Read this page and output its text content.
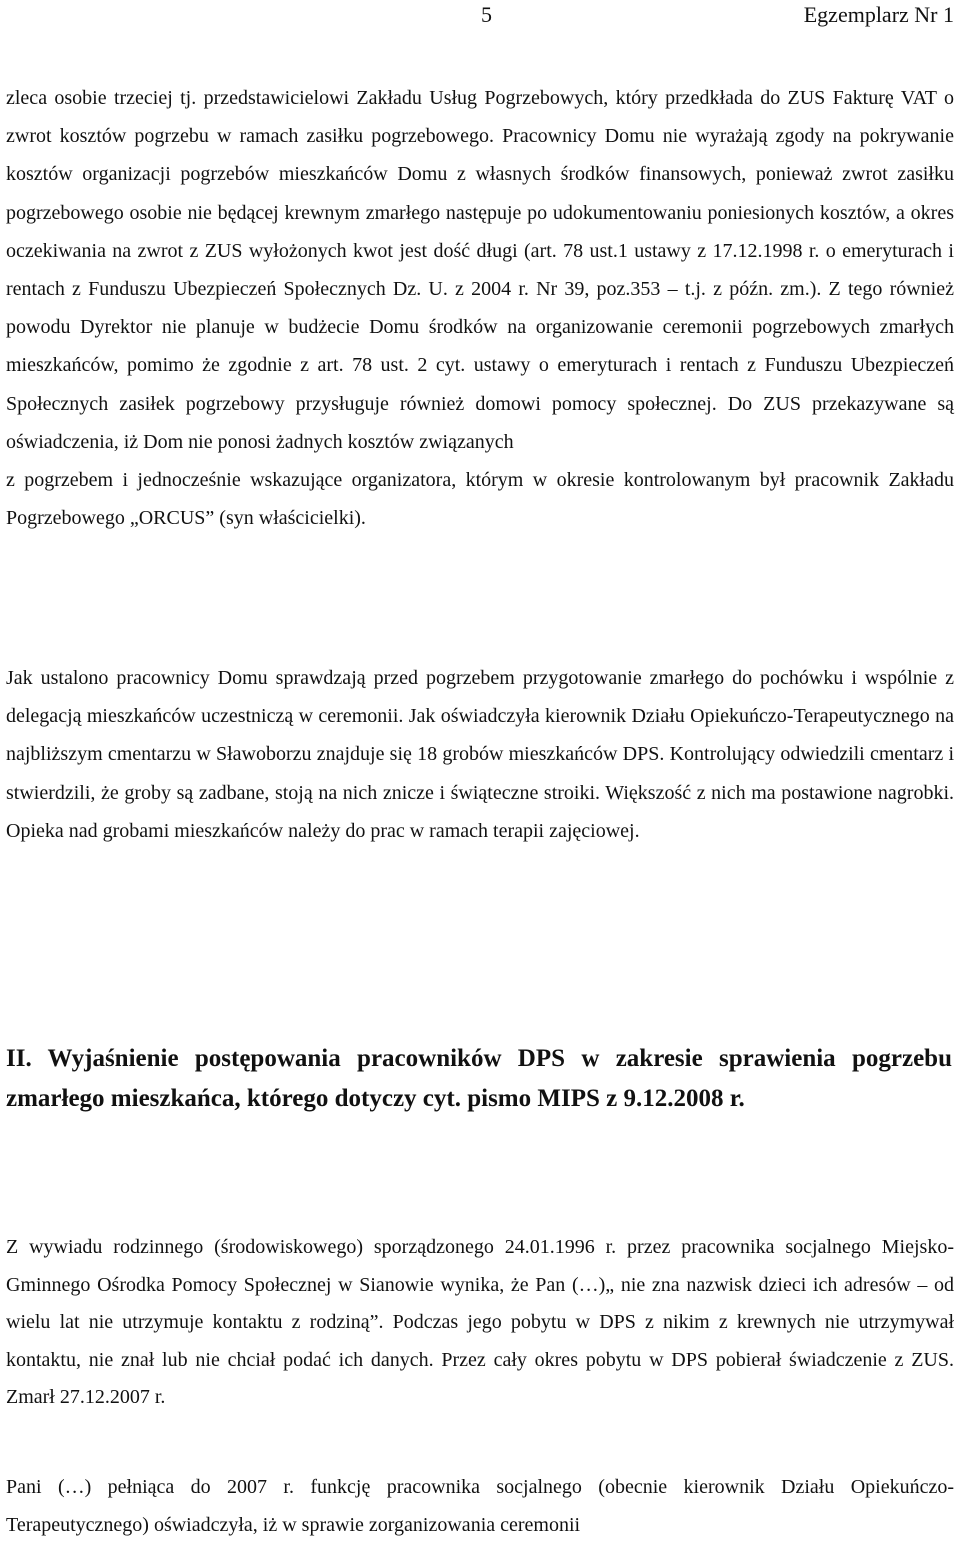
5	Egzemplarz Nr 1

zleca osobie trzeciej tj. przedstawicielowi Zakładu Usług Pogrzebowych, który przedkłada do ZUS Fakturę VAT o zwrot kosztów pogrzebu w ramach zasiłku pogrzebowego. Pracownicy Domu nie wyrażają zgody na pokrywanie kosztów organizacji pogrzebów mieszkańców Domu z własnych środków finansowych, ponieważ zwrot zasiłku pogrzebowego osobie nie będącej krewnym zmarłego następuje po udokumentowaniu poniesionych kosztów, a okres oczekiwania na zwrot z ZUS wyłożonych kwot jest dość długi (art. 78 ust.1 ustawy z 17.12.1998 r. o emeryturach i rentach z Funduszu Ubezpieczeń Społecznych Dz. U. z 2004 r. Nr 39, poz.353 – t.j. z późn. zm.). Z tego również powodu Dyrektor nie planuje w budżecie Domu środków na organizowanie ceremonii pogrzebowych zmarłych mieszkańców, pomimo że zgodnie z art. 78 ust. 2 cyt. ustawy o emeryturach i rentach z Funduszu Ubezpieczeń Społecznych zasiłek pogrzebowy przysługuje również domowi pomocy społecznej. Do ZUS przekazywane są oświadczenia, iż Dom nie ponosi żadnych kosztów związanych

z pogrzebem i jednocześnie wskazujące organizatora, którym w okresie kontrolowanym był pracownik Zakładu Pogrzebowego „ORCUS” (syn właścicielki).

Jak ustalono pracownicy Domu sprawdzają przed pogrzebem przygotowanie zmarłego do pochówku i wspólnie z delegacją mieszkańców uczestniczą w ceremonii. Jak oświadczyła kierownik Działu Opiekuńczo-Terapeutycznego na najbliższym cmentarzu w Sławoborzu znajduje się 18 grobów mieszkańców DPS. Kontrolujący odwiedzili cmentarz i stwierdzili, że groby są zadbane, stoją na nich znicze i świąteczne stroiki. Większość z nich ma postawione nagrobki. Opieka nad grobami mieszkańców należy do prac w ramach terapii zajęciowej.

II. Wyjaśnienie postępowania pracowników DPS w zakresie sprawienia pogrzebu zmarłego mieszkańca, którego dotyczy cyt. pismo MIPS z 9.12.2008 r.

Z wywiadu rodzinnego (środowiskowego) sporządzonego 24.01.1996 r. przez pracownika socjalnego Miejsko-Gminnego Ośrodka Pomocy Społecznej w Sianowie wynika, że Pan (…)„ nie zna nazwisk dzieci ich adresów – od wielu lat nie utrzymuje kontaktu z rodziną”. Podczas jego pobytu w DPS z nikim z krewnych nie utrzymywał kontaktu, nie znał lub nie chciał podać ich danych. Przez cały okres pobytu w DPS pobierał świadczenie z ZUS. Zmarł 27.12.2007 r.

Pani (…) pełniąca do 2007 r. funkcję pracownika socjalnego (obecnie kierownik Działu Opiekuńczo-Terapeutycznego) oświadczyła, iż w sprawie zorganizowania ceremonii
